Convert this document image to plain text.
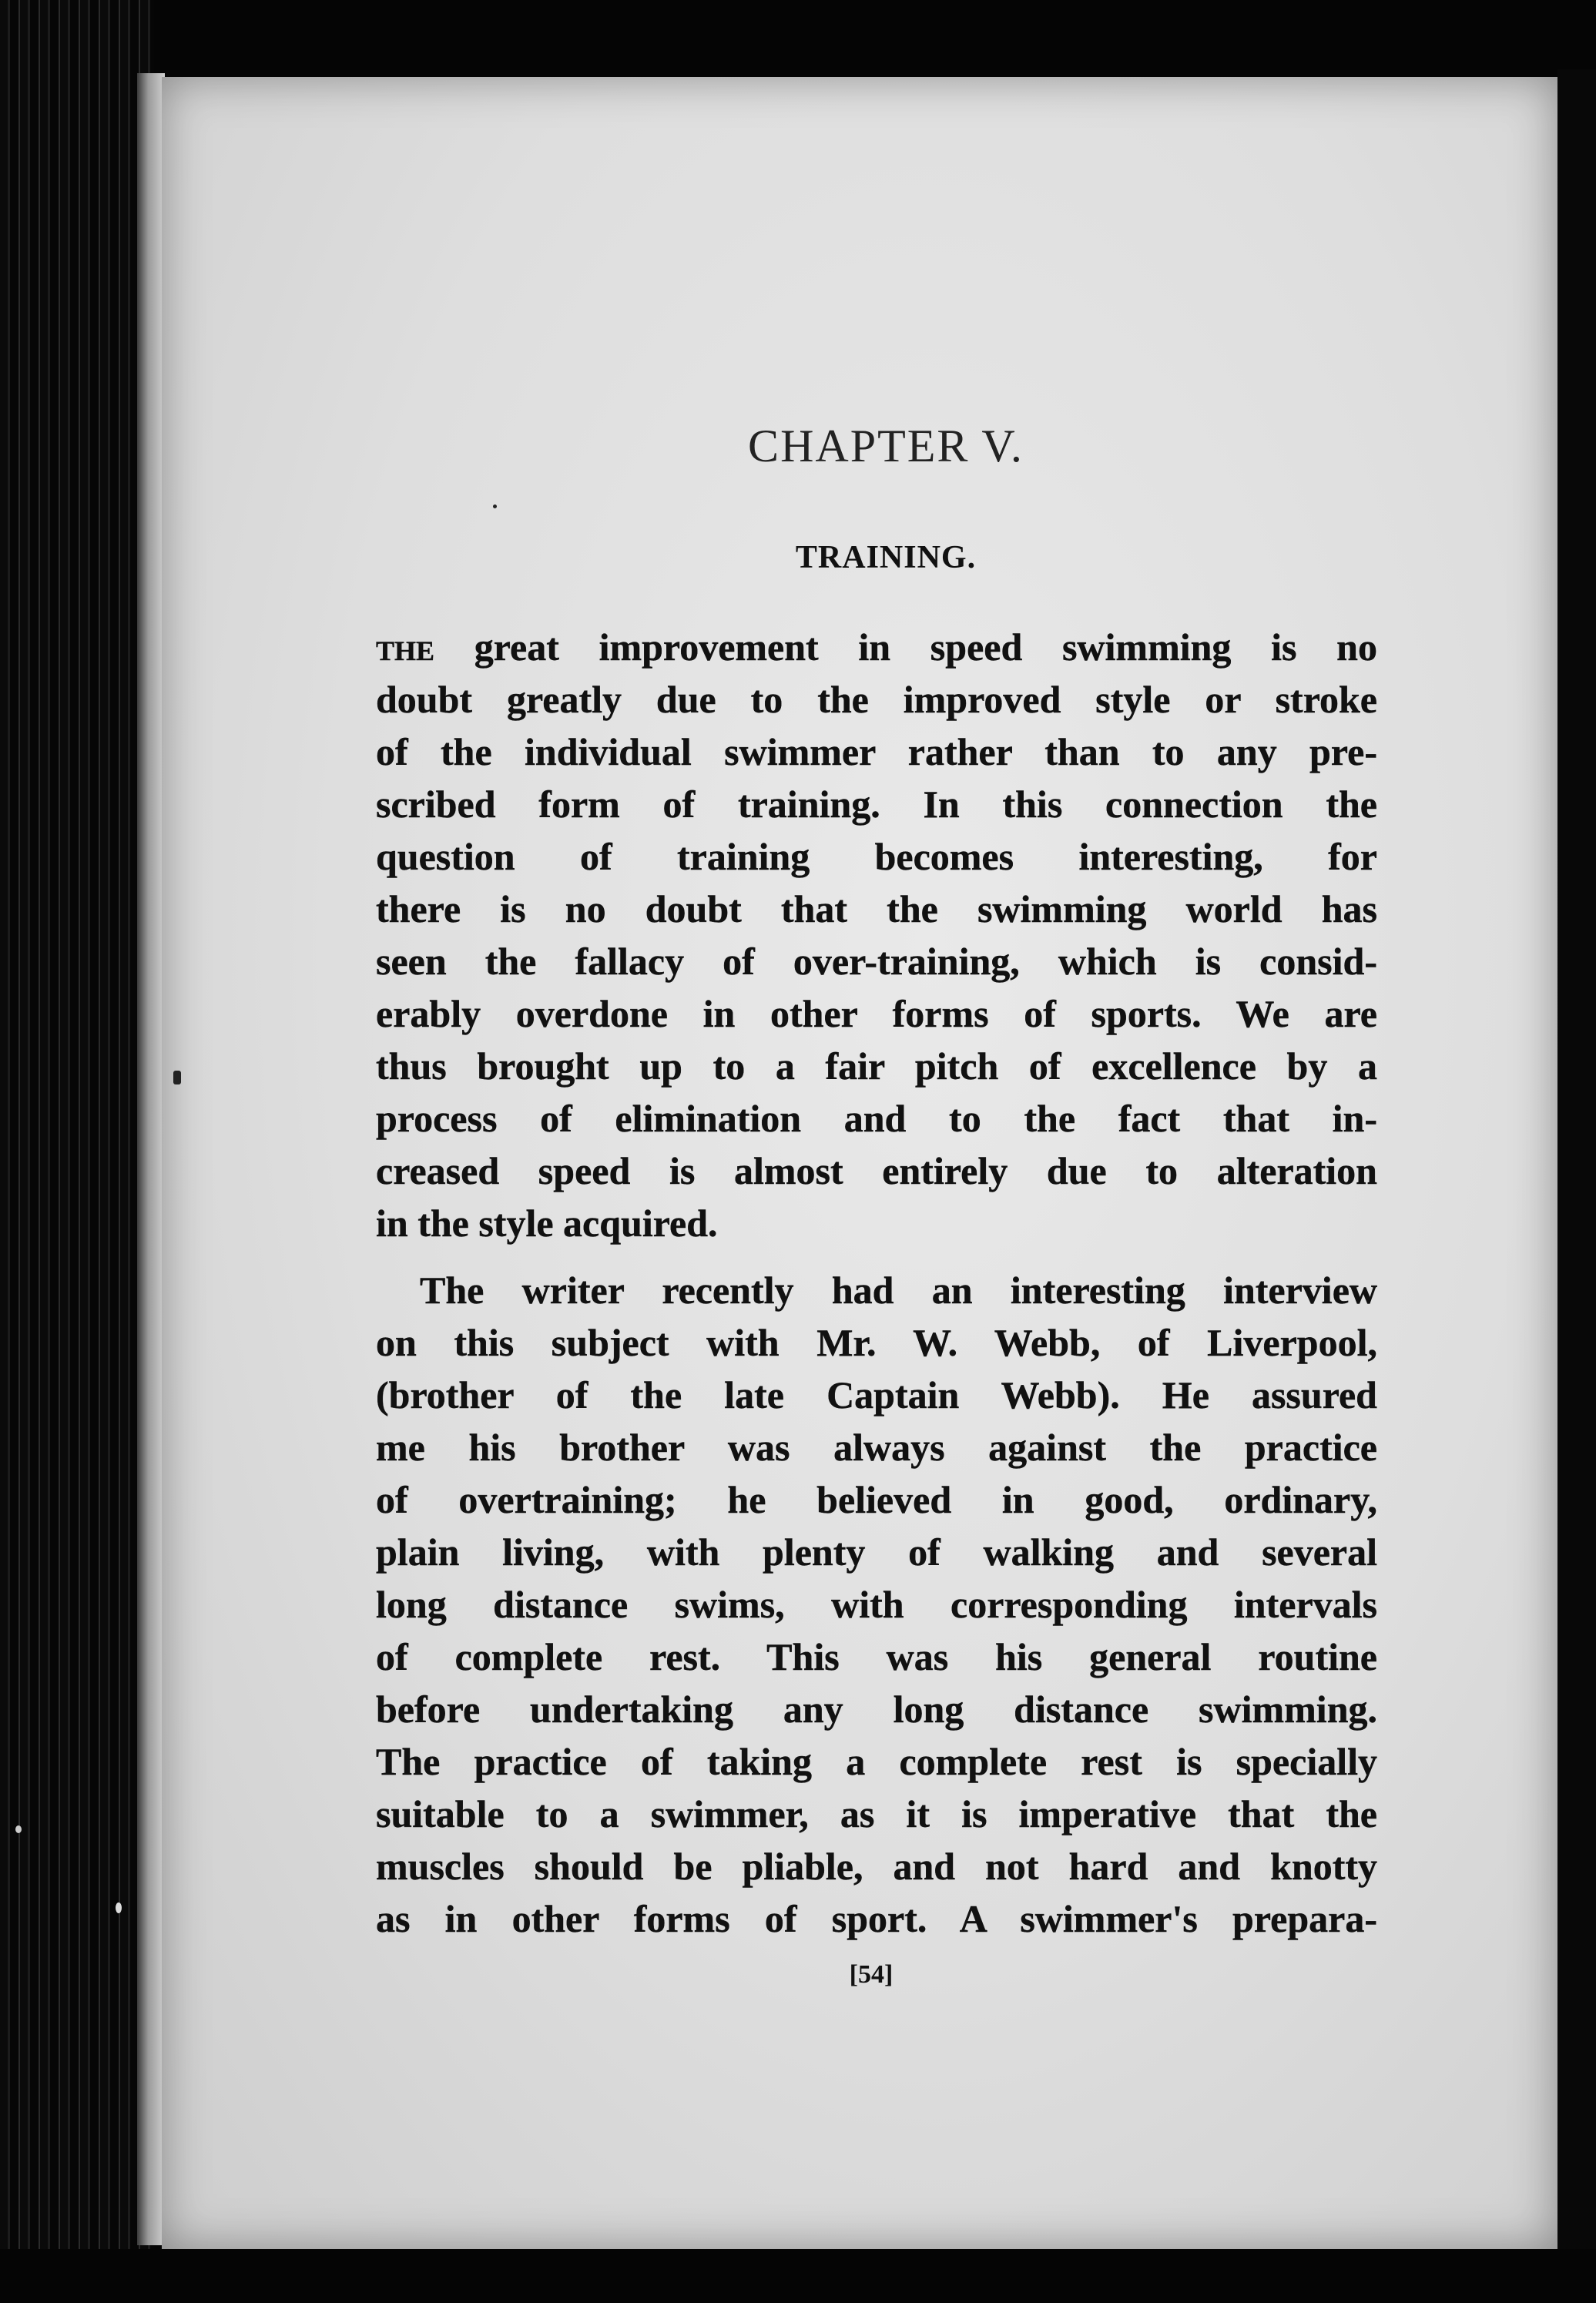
CHAPTER V.
TRAINING.
THE great improvement in speed swimming is no
doubt greatly due to the improved style or stroke
of the individual swimmer rather than to any pre-
scribed form of training. In this connection the
question of training becomes interesting, for
there is no doubt that the swimming world has
seen the fallacy of over-training, which is consid-
erably overdone in other forms of sports. We are
thus brought up to a fair pitch of excellence by a
process of elimination and to the fact that in-
creased speed is almost entirely due to alteration
in the style acquired.
The writer recently had an interesting interview
on this subject with Mr. W. Webb, of Liverpool,
(brother of the late Captain Webb). He assured
me his brother was always against the practice
of overtraining; he believed in good, ordinary,
plain living, with plenty of walking and several
long distance swims, with corresponding intervals
of complete rest. This was his general routine
before undertaking any long distance swimming.
The practice of taking a complete rest is specially
suitable to a swimmer, as it is imperative that the
muscles should be pliable, and not hard and knotty
as in other forms of sport. A swimmer's prepara-
[54]
